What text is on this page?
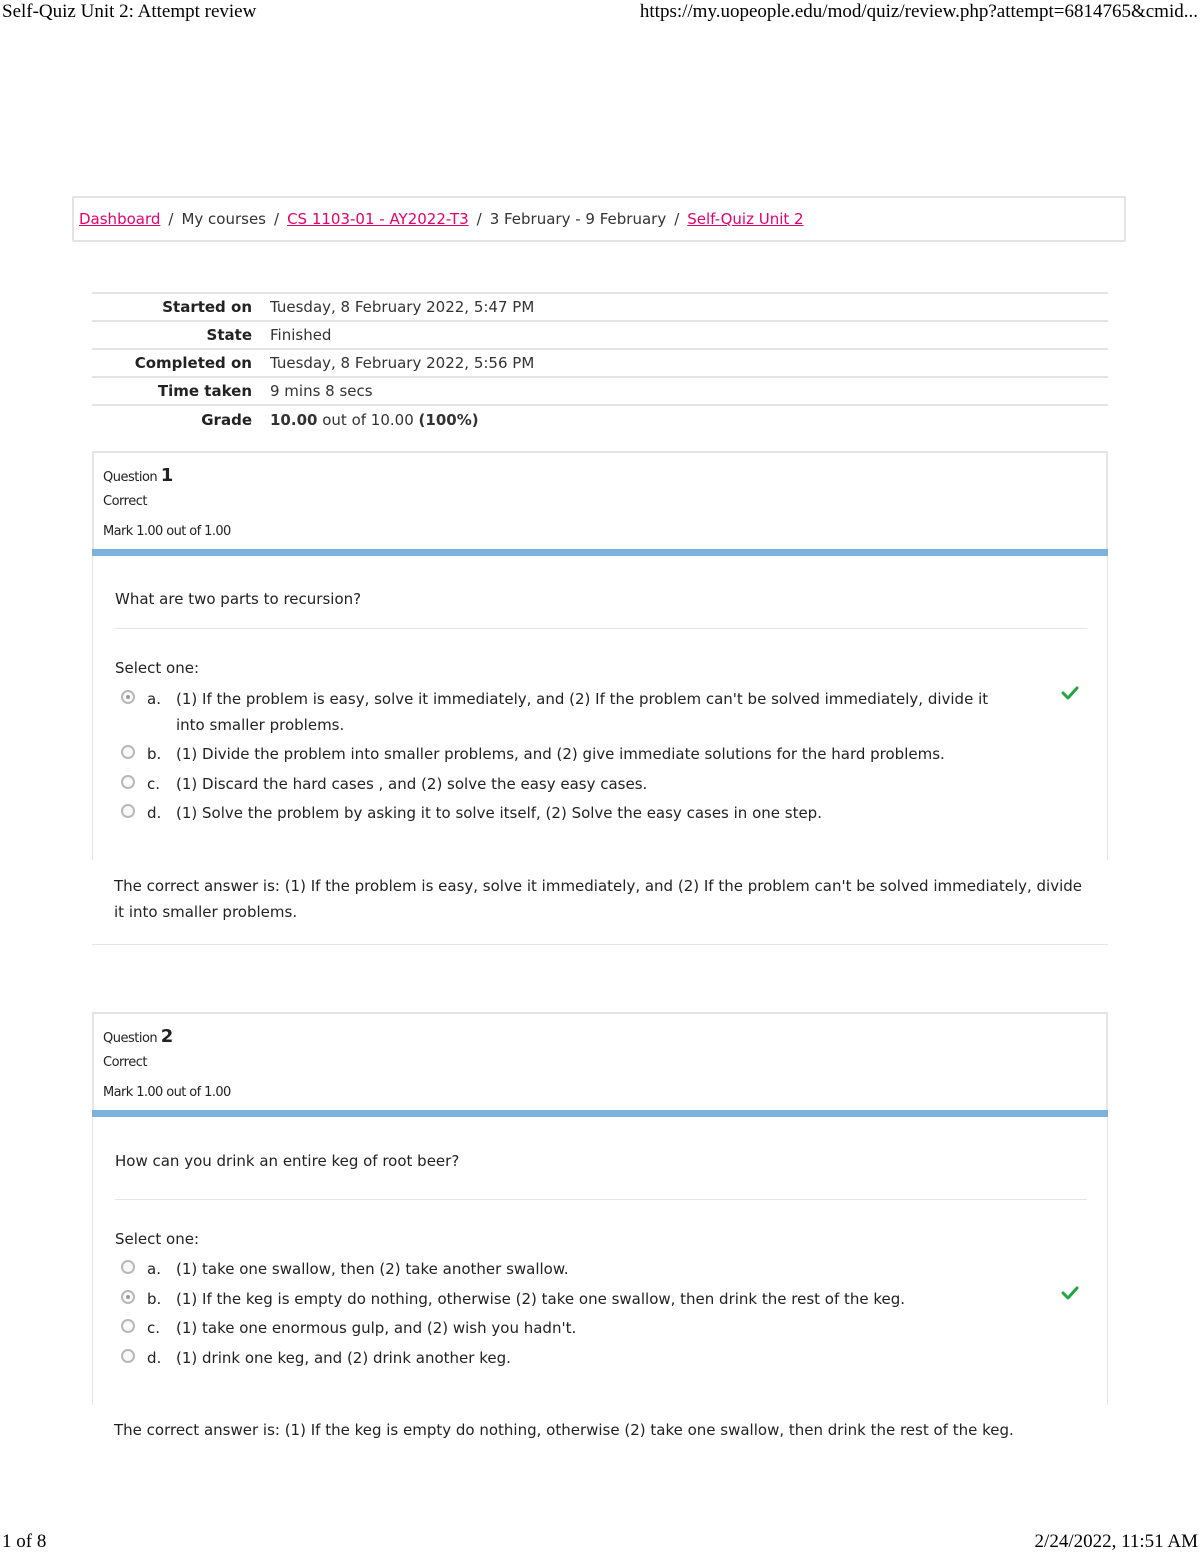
Self-Quiz Unit 2: Attempt review	https://my.uopeople.edu/mod/quiz/review.php?attempt=6814765&cmid...
Dashboard / My courses / CS 1103-01 - AY2022-T3 / 3 February - 9 February / Self-Quiz Unit 2
Started on	Tuesday, 8 February 2022, 5:47 PM
State	Finished
Completed on	Tuesday, 8 February 2022, 5:56 PM
Time taken	9 mins 8 secs
Grade	10.00 out of 10.00 (100%)
Question 1
Correct
Mark 1.00 out of 1.00
What are two parts to recursion?
Select one:
a. (1) If the problem is easy, solve it immediately, and (2) If the problem can't be solved immediately, divide it into smaller problems.
b. (1) Divide the problem into smaller problems, and (2) give immediate solutions for the hard problems.
c. (1) Discard the hard cases , and (2) solve the easy easy cases.
d. (1) Solve the problem by asking it to solve itself, (2) Solve the easy cases in one step.
The correct answer is: (1) If the problem is easy, solve it immediately, and (2) If the problem can't be solved immediately, divide it into smaller problems.
Question 2
Correct
Mark 1.00 out of 1.00
How can you drink an entire keg of root beer?
Select one:
a. (1) take one swallow, then (2) take another swallow.
b. (1) If the keg is empty do nothing, otherwise (2) take one swallow, then drink the rest of the keg.
c. (1) take one enormous gulp, and (2) wish you hadn't.
d. (1) drink one keg, and (2) drink another keg.
The correct answer is: (1) If the keg is empty do nothing, otherwise (2) take one swallow, then drink the rest of the keg.
1 of 8	2/24/2022, 11:51 AM
